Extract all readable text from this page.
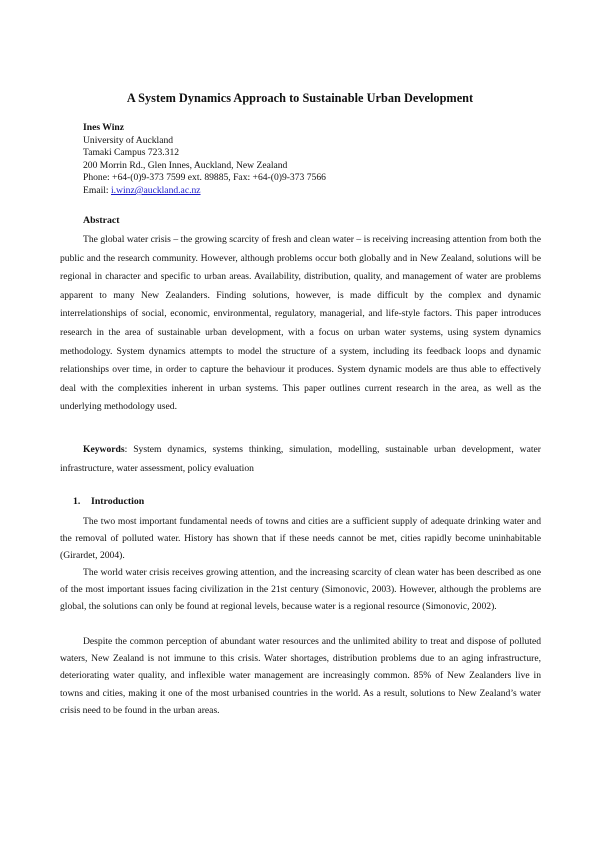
A System Dynamics Approach to Sustainable Urban Development
Ines Winz
University of Auckland
Tamaki Campus 723.312
200 Morrin Rd., Glen Innes, Auckland, New Zealand
Phone: +64-(0)9-373 7599 ext. 89885, Fax: +64-(0)9-373 7566
Email: i.winz@auckland.ac.nz
Abstract

The global water crisis – the growing scarcity of fresh and clean water – is receiving increasing attention from both the public and the research community. However, although problems occur both globally and in New Zealand, solutions will be regional in character and specific to urban areas. Availability, distribution, quality, and management of water are problems apparent to many New Zealanders. Finding solutions, however, is made difficult by the complex and dynamic interrelationships of social, economic, environmental, regulatory, managerial, and life-style factors. This paper introduces research in the area of sustainable urban development, with a focus on urban water systems, using system dynamics methodology. System dynamics attempts to model the structure of a system, including its feedback loops and dynamic relationships over time, in order to capture the behaviour it produces. System dynamic models are thus able to effectively deal with the complexities inherent in urban systems. This paper outlines current research in the area, as well as the underlying methodology used.

Keywords: System dynamics, systems thinking, simulation, modelling, sustainable urban development, water infrastructure, water assessment, policy evaluation

1. Introduction

The two most important fundamental needs of towns and cities are a sufficient supply of adequate drinking water and the removal of polluted water. History has shown that if these needs cannot be met, cities rapidly become uninhabitable (Girardet, 2004).

The world water crisis receives growing attention, and the increasing scarcity of clean water has been described as one of the most important issues facing civilization in the 21st century (Simonovic, 2003). However, although the problems are global, the solutions can only be found at regional levels, because water is a regional resource (Simonovic, 2002).

Despite the common perception of abundant water resources and the unlimited ability to treat and dispose of polluted waters, New Zealand is not immune to this crisis. Water shortages, distribution problems due to an aging infrastructure, deteriorating water quality, and inflexible water management are increasingly common. 85% of New Zealanders live in towns and cities, making it one of the most urbanised countries in the world. As a result, solutions to New Zealand’s water crisis need to be found in the urban areas.
